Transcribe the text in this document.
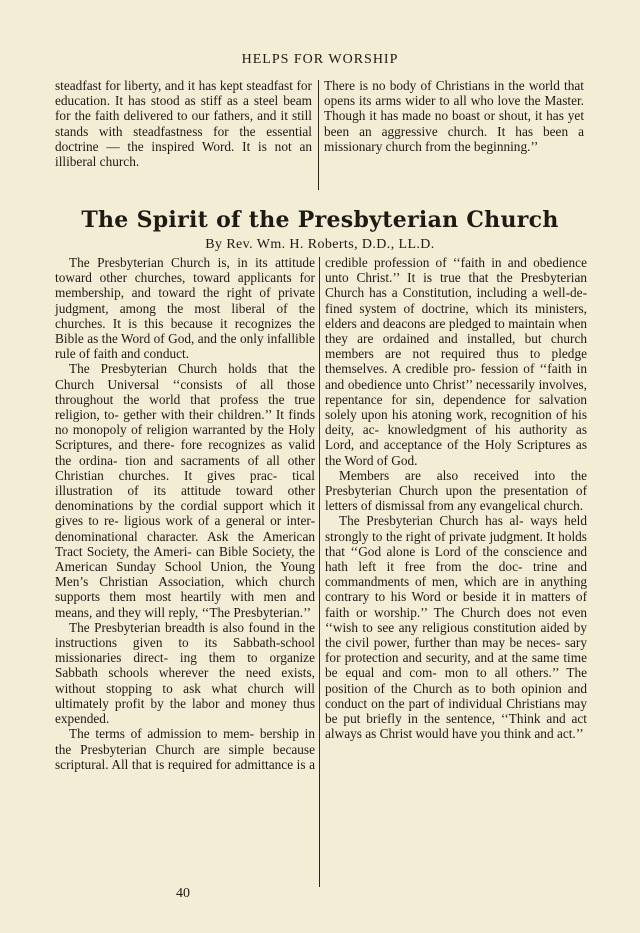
HELPS FOR WORSHIP

steadfast for liberty, and it has kept steadfast for education. It has stood as stiff as a steel beam for the faith delivered to our fathers, and it still stands with steadfastness for the essential doctrine — the inspired Word. It is not an illiberal church.

There is no body of Christians in the world that opens its arms wider to all who love the Master. Though it has made no boast or shout, it has yet been an aggressive church. It has been a missionary church from the beginning.’’

The Spirit of the Presbyterian Church
By Rev. Wm. H. Roberts, D.D., LL.D.

The Presbyterian Church is, in its attitude toward other churches, toward applicants for membership, and toward the right of private judgment, among the most liberal of the churches. It is this because it recognizes the Bible as the Word of God, and the only infallible rule of faith and conduct.

The Presbyterian Church holds that the Church Universal ‘‘consists of all those throughout the world that profess the true religion, to- gether with their children.’’ It finds no monopoly of religion warranted by the Holy Scriptures, and there- fore recognizes as valid the ordina- tion and sacraments of all other Christian churches. It gives prac- tical illustration of its attitude toward other denominations by the cordial support which it gives to re- ligious work of a general or inter- denominational character. Ask the American Tract Society, the Ameri- can Bible Society, the American Sunday School Union, the Young Men’s Christian Association, which church supports them most heartily with men and means, and they will reply, ‘‘The Presbyterian.’’

The Presbyterian breadth is also found in the instructions given to its Sabbath-school missionaries direct- ing them to organize Sabbath schools wherever the need exists, without stopping to ask what church will ultimately profit by the labor and money thus expended.

The terms of admission to mem- bership in the Presbyterian Church are simple because scriptural. All that is required for admittance is a

credible profession of ‘‘faith in and obedience unto Christ.’’ It is true that the Presbyterian Church has a Constitution, including a well-de- fined system of doctrine, which its ministers, elders and deacons are pledged to maintain when they are ordained and installed, but church members are not required thus to pledge themselves. A credible pro- fession of ‘‘faith in and obedience unto Christ’’ necessarily involves, repentance for sin, dependence for salvation solely upon his atoning work, recognition of his deity, ac- knowledgment of his authority as Lord, and acceptance of the Holy Scriptures as the Word of God.

Members are also received into the Presbyterian Church upon the presentation of letters of dismissal from any evangelical church.

The Presbyterian Church has al- ways held strongly to the right of private judgment. It holds that ‘‘God alone is Lord of the conscience and hath left it free from the doc- trine and commandments of men, which are in anything contrary to his Word or beside it in matters of faith or worship.’’ The Church does not even ‘‘wish to see any religious constitution aided by the civil power, further than may be neces- sary for protection and security, and at the same time be equal and com- mon to all others.’’ The position of the Church as to both opinion and conduct on the part of individual Christians may be put briefly in the sentence, ‘‘Think and act always as Christ would have you think and act.’’

40
